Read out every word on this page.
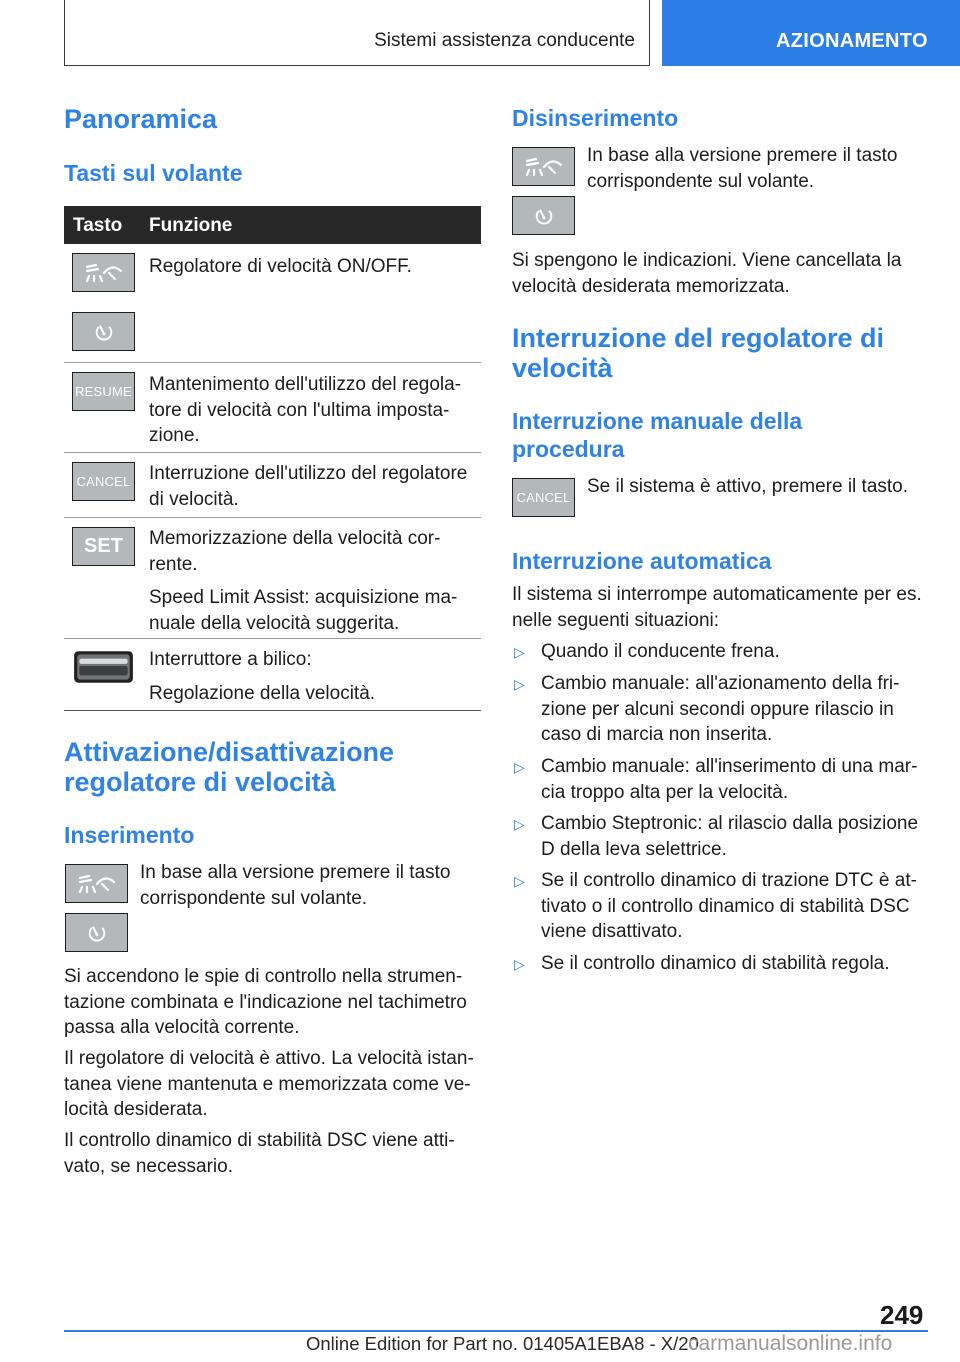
Sistemi assistenza conducente	AZIONAMENTO
Panoramica
Tasti sul volante
Tasto Funzione
Regolatore di velocità ON/OFF.
RESUME Mantenimento dell'utilizzo del regola-
tore di velocità con l'ultima imposta-
zione.
CANCEL Interruzione dell'utilizzo del regolatore
di velocità.
SET Memorizzazione della velocità cor-
rente.
Speed Limit Assist: acquisizione ma-
nuale della velocità suggerita.
Interruttore a bilico:
Regolazione della velocità.
Attivazione/disattivazione
regolatore di velocità
Inserimento
In base alla versione premere il tasto
corrispondente sul volante.
Si accendono le spie di controllo nella strumen-
tazione combinata e l'indicazione nel tachimetro
passa alla velocità corrente.
Il regolatore di velocità è attivo. La velocità istan-
tanea viene mantenuta e memorizzata come ve-
locità desiderata.
Il controllo dinamico di stabilità DSC viene atti-
vato, se necessario.
Disinserimento
In base alla versione premere il tasto
corrispondente sul volante.
Si spengono le indicazioni. Viene cancellata la
velocità desiderata memorizzata.
Interruzione del regolatore di
velocità
Interruzione manuale della
procedura
CANCEL
Se il sistema è attivo, premere il tasto.
Interruzione automatica
Il sistema si interrompe automaticamente per es.
nelle seguenti situazioni:
▷ Quando il conducente frena.
▷ Cambio manuale: all'azionamento della fri-
zione per alcuni secondi oppure rilascio in
caso di marcia non inserita.
▷ Cambio manuale: all'inserimento di una mar-
cia troppo alta per la velocità.
▷ Cambio Steptronic: al rilascio dalla posizione
D della leva selettrice.
▷ Se il controllo dinamico di trazione DTC è at-
tivato o il controllo dinamico di stabilità DSC
viene disattivato.
▷ Se il controllo dinamico di stabilità regola.
249
Online Edition for Part no. 01405A1EBA8 - X/20
carmanualsonline.info
